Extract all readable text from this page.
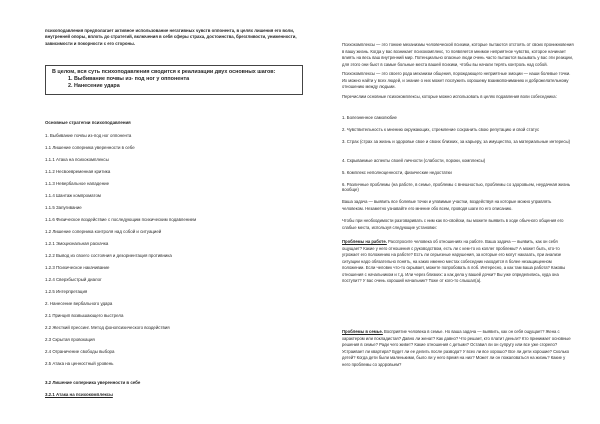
психоподавления предполагает активное использование негативных чувств оппонента, в целях лишения его воли, внутренней опоры, вплоть до стратегий, включения в себя сферы страха, достоинства, брезгливости, униженности, зависимости и покорности с его стороны.

В целом, вся суть психоподавления сводится к реализации двух основных шагов:

1. Выбивание почвы из- под ног у оппонента

2. Нанесение удара

Основные стратегии психоподавления

1. Выбивание почвы из-под ног оппонента

1.1 Лишение соперника уверенности в себе

1.1.1 Атака на психокомплексы

1.1.2 Несвоевременная критика

1.1.3 Невербальное нападение

1.1.4 Шантаж компроматом

1.1.5 Запугивание

1.1.6 Физическое воздействие с последующим психическим подавлением

1.2 Лишение соперника контроля над собой и ситуацией

1.2.1 Эмоциональная раскачка

1.2.2 Вывод из своего состояния и дезориентация противника

1.2.3 Психическое накачивание

1.2.4 Сверхбыстрый диалог

1.2.5 Интерпретация

2. Нанесение вербального удара

2.1 Принцип возвышающего выстрела

2.2 Жесткий прессинг. Метод фонопсихического воздействия

2.3 Скрытая провокация

2.4 Ограничение свободы выбора

2.5 Атака на ценностный уровень

3.2 Лишение соперника уверенности в себе

3.2.1 Атака на психокомплексы

Психокомплексы — это тонкие механизмы человеческой психики, которые пытаются отстоять от своих проникновения в вашу жизнь. Когда у вас возникает психокомплекс, то появляется мнимое неприятное чувство, которое начинает влиять на весь ваш внутренний мир. Потенциально опасные люди очень часто пытаются вызывать у вас эти реакции, для этого они бьют в самые больные места вашей психики, чтобы вы начали терять контроль над собой.

Психокомплексы — это своего рода механизм общения, порождающего неприятные эмоции — наши болевые точки. Их можно найти у всех людей, и знание о них может послужить хорошему взаимопониманию и доброжелательному отношению между людьми.

Перечислим основные психокомплексы, которые можно использовать в целях подавления воли собеседника:

1. Болезненное самолюбие

2. Чувствительность к мнению окружающих, стремление сохранить свою репутацию и свой статус

3. Страх (страх за жизнь и здоровье свое и своих близких, за карьеру, за имущество, за материальные интересы)

4. Скрываемые аспекты своей личности (слабости, пороки, комплексы)

5. Комплекс неполноценности, физические недостатки

6. Различные проблемы (на работе, в семье, проблемы с внешностью, проблемы со здоровьем, неудачная жизнь вообще)

Ваша задача — выявить все болевые точки и уязвимые участки, воздействуя на которые можно управлять человеком. Незаметно узнавайте его мнение обо всем, проводя шаги по его описанию.

Чтобы при необходимости разговаривать с ним как по-свойски, вы можете выявить в ходе обычного общения его слабые места, используя следующие установки:

Проблемы на работе. Расспросите человека об отношениях на работе. Ваша задача — выявить, как он себя ощущает? Какие у него отношения с руководством, есть ли с кем-то из коллег проблемы? А может быть, кто-то угрожает его положению на работе? Есть ли серьезные нарушения, за которые его могут наказать, при анализе ситуации надо обязательно понять, на каких именно местах собеседник находится в более незащищенном положении. Если человек что-то скрывает, можете попробовать в лоб. Интересно, а как там ваша работа? Каковы отношения с начальником и т.д. Или через близких: а как дела у вашей дочки? Вы уже определились, куда она поступит? У вас очень хороший начальник? Тоже от кого-то слышал(а).

Проблемы в семье. Восприятие человека в семье. Но ваша задача — выявить, как он себя ощущает? Жена с характером или покладистая? Давно ли женат? Как давно? Что решает, кто платит деньги? Кто принимает основные решения в семье? Ради чего живет? Какие отношения с детьми? Оставил ли он супругу или все уже сгорело? Устраивает ли квартира? Будет ли ее делить после развода? У всех ли все хорошо? Все ли дети хорошие? Сколько детей? Когда дети были маленькими, было ли у него время на них? Может ли он пожаловаться на жизнь? Какие у него проблемы со здоровьем?
